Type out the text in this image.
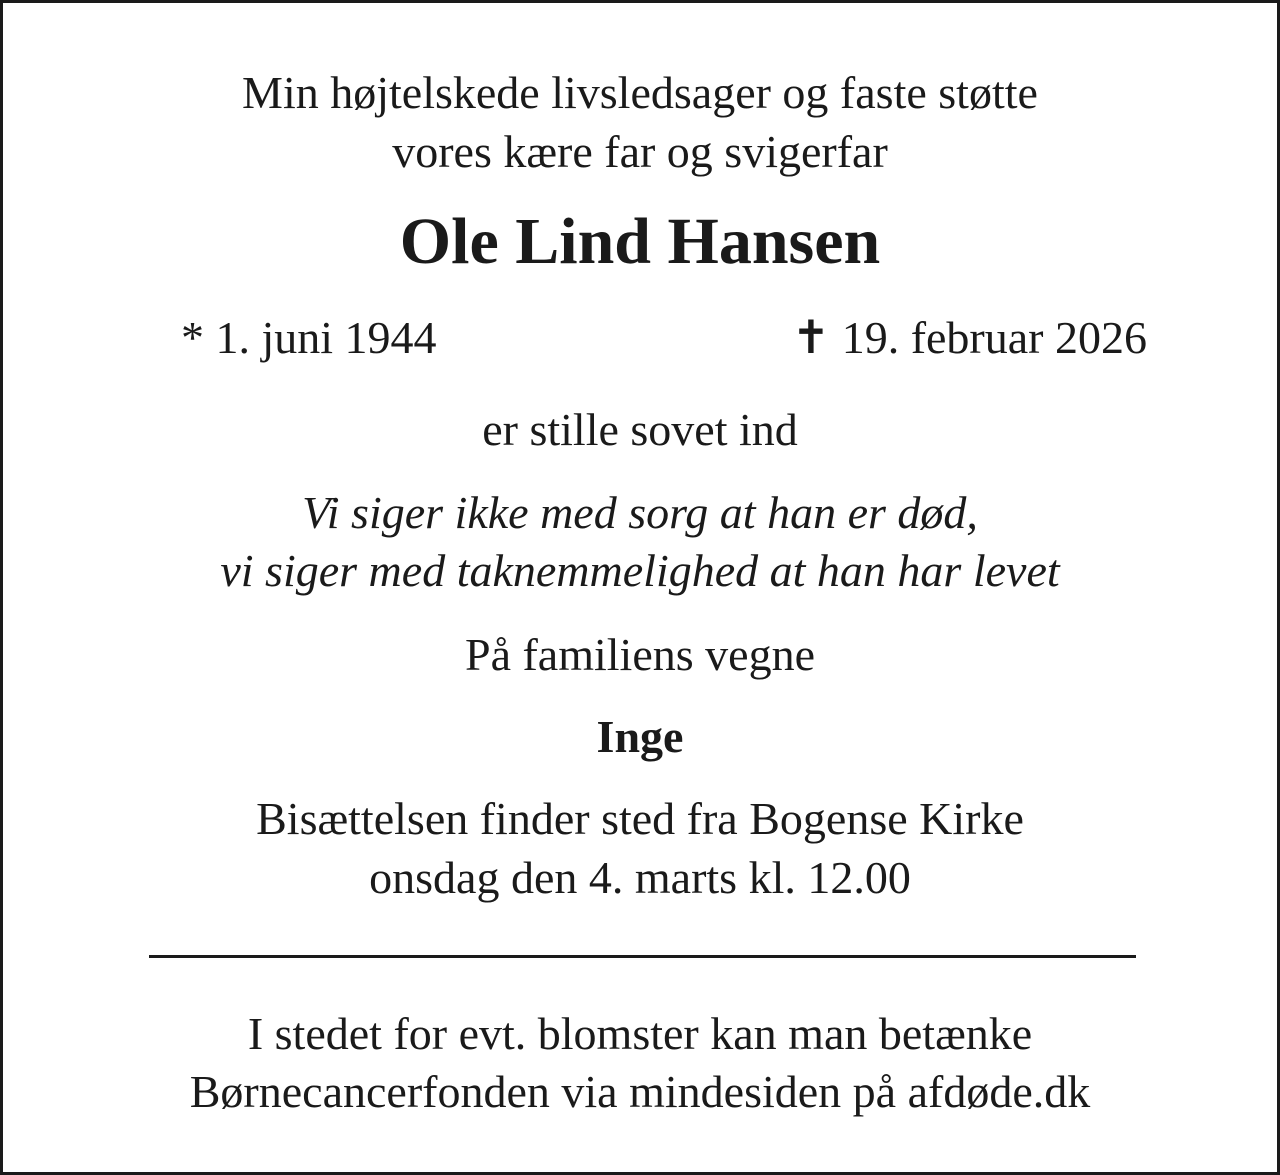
Min højtelskede livsledsager og faste støtte
vores kære far og svigerfar
Ole Lind Hansen
* 1. juni 1944	✝ 19. februar 2026
er stille sovet ind
Vi siger ikke med sorg at han er død,
vi siger med taknemmelighed at han har levet
På familiens vegne
Inge
Bisættelsen finder sted fra Bogense Kirke
onsdag den 4. marts kl. 12.00
I stedet for evt. blomster kan man betænke
Børnecancerfonden via mindesiden på afdøde.dk
